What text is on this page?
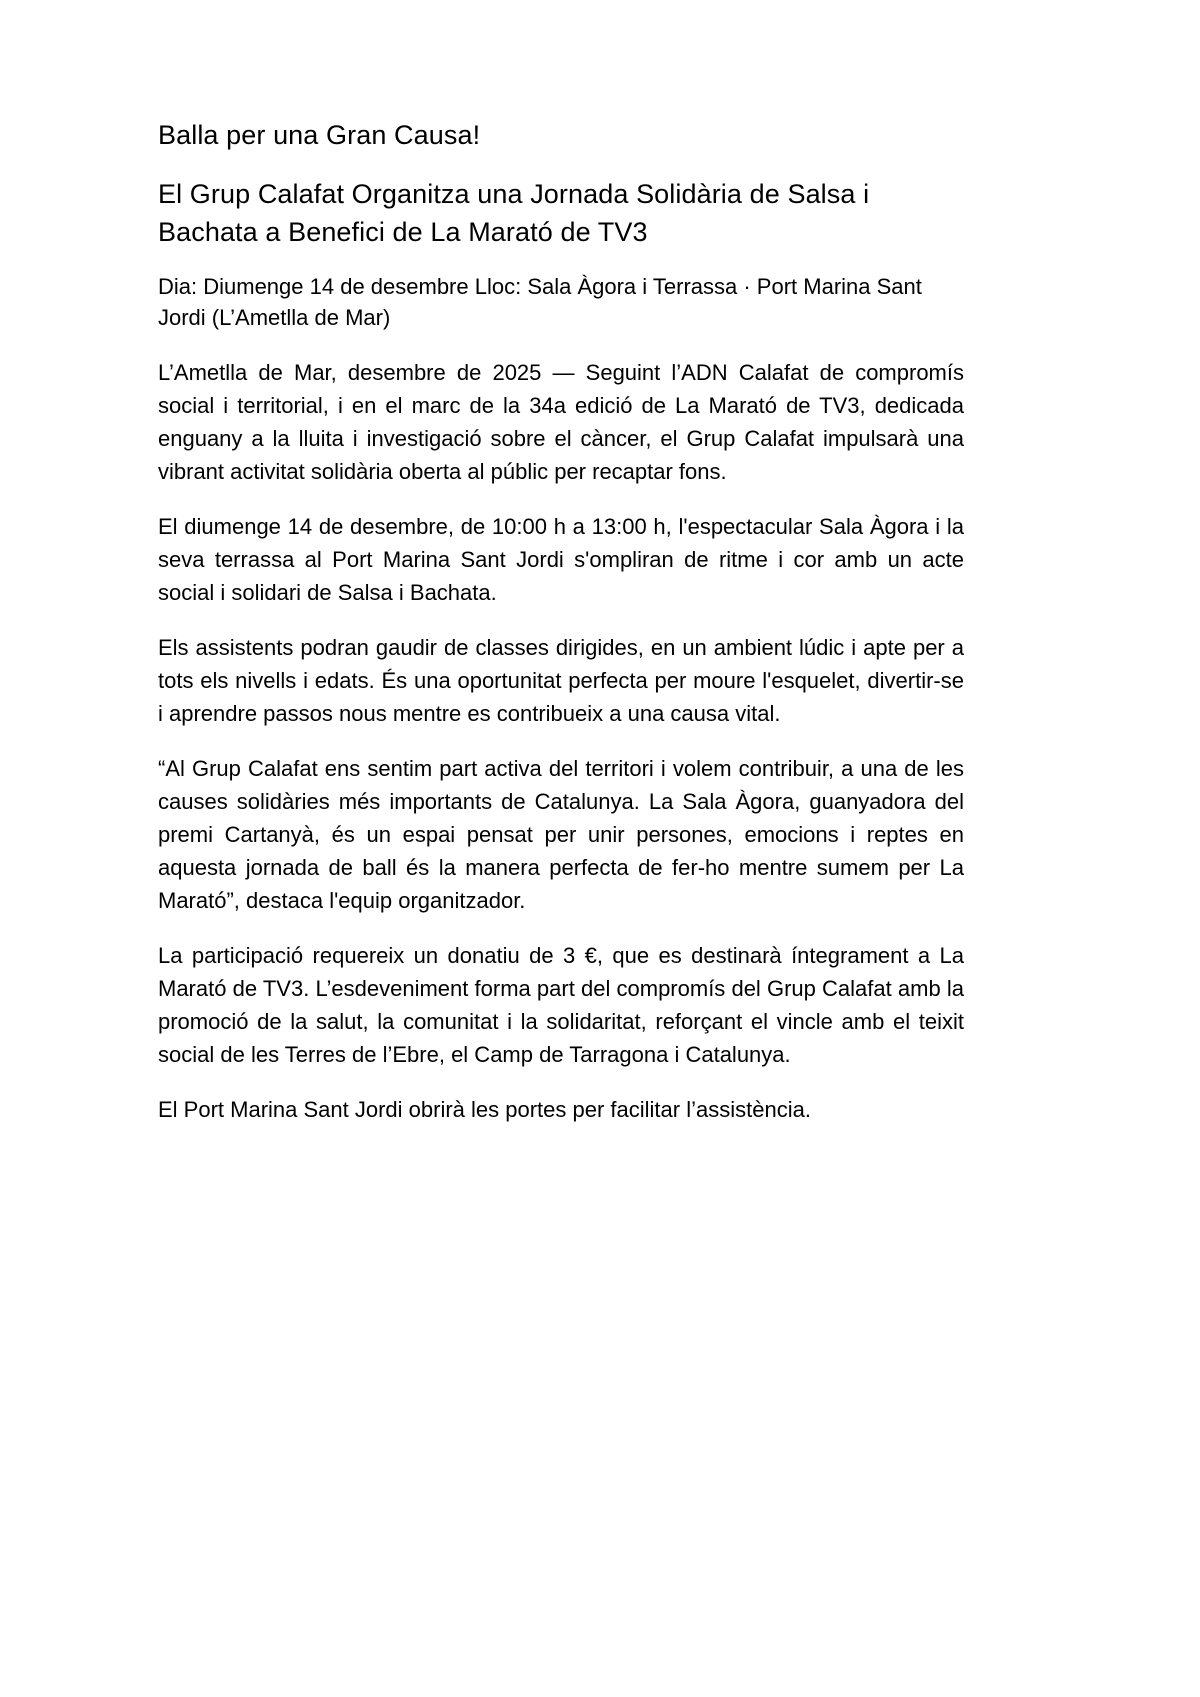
Balla per una Gran Causa!
El Grup Calafat Organitza una Jornada Solidària de Salsa i Bachata a Benefici de La Marató de TV3

Dia: Diumenge 14 de desembre Lloc: Sala Àgora i Terrassa · Port Marina Sant Jordi (L’Ametlla de Mar)

L’Ametlla de Mar, desembre de 2025 — Seguint l’ADN Calafat de compromís social i territorial, i en el marc de la 34a edició de La Marató de TV3, dedicada enguany a la lluita i investigació sobre el càncer, el Grup Calafat impulsarà una vibrant activitat solidària oberta al públic per recaptar fons.

El diumenge 14 de desembre, de 10:00 h a 13:00 h, l'espectacular Sala Àgora i la seva terrassa al Port Marina Sant Jordi s'ompliran de ritme i cor amb un acte social i solidari de Salsa i Bachata.

Els assistents podran gaudir de classes dirigides, en un ambient lúdic i apte per a tots els nivells i edats. És una oportunitat perfecta per moure l'esquelet, divertir-se i aprendre passos nous mentre es contribueix a una causa vital.

“Al Grup Calafat ens sentim part activa del territori i volem contribuir, a una de les causes solidàries més importants de Catalunya. La Sala Àgora, guanyadora del premi Cartanyà, és un espai pensat per unir persones, emocions i reptes en aquesta jornada de ball és la manera perfecta de fer-ho mentre sumem per La Marató”, destaca l'equip organitzador.

La participació requereix un donatiu de 3 €, que es destinarà íntegrament a La Marató de TV3. L’esdeveniment forma part del compromís del Grup Calafat amb la promoció de la salut, la comunitat i la solidaritat, reforçant el vincle amb el teixit social de les Terres de l’Ebre, el Camp de Tarragona i Catalunya.

El Port Marina Sant Jordi obrirà les portes per facilitar l’assistència.
